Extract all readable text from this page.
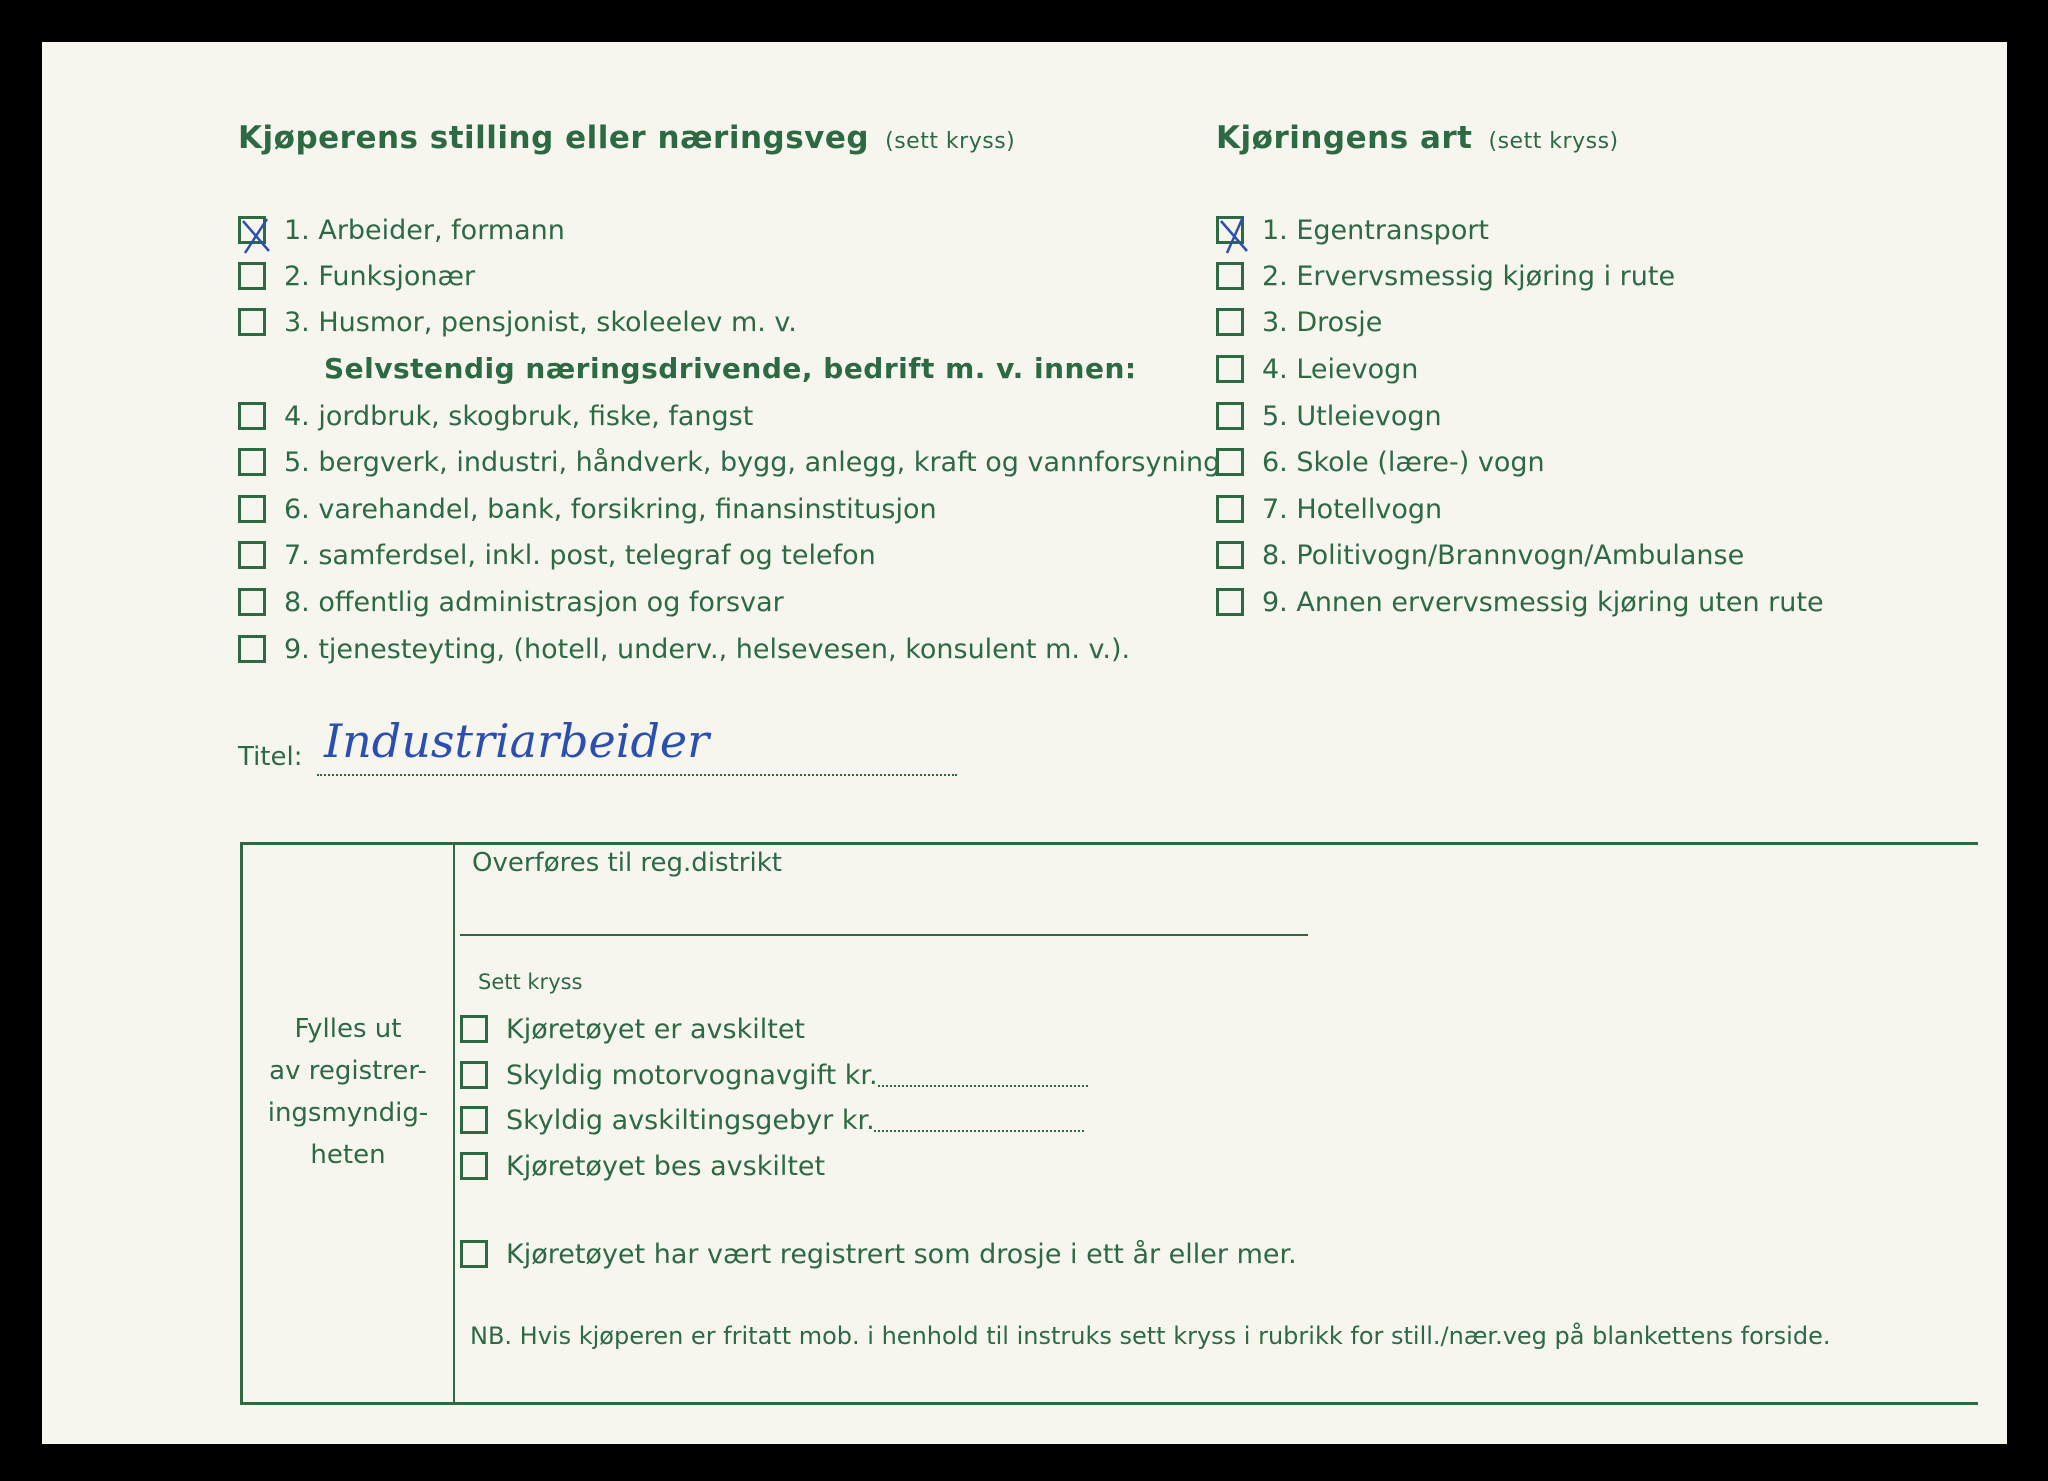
Kjøperens stilling eller næringsveg (sett kryss)
1. Arbeider, formann
2. Funksjonær
3. Husmor, pensjonist, skoleelev m. v.
Selvstendig næringsdrivende, bedrift m. v. innen:
4. jordbruk, skogbruk, fiske, fangst
5. bergverk, industri, håndverk, bygg, anlegg, kraft og vannforsyning
6. varehandel, bank, forsikring, finansinstitusjon
7. samferdsel, inkl. post, telegraf og telefon
8. offentlig administrasjon og forsvar
9. tjenesteyting, (hotell, underv., helsevesen, konsulent m. v.).
Kjøringens art (sett kryss)
1. Egentransport
2. Ervervsmessig kjøring i rute
3. Drosje
4. Leievogn
5. Utleievogn
6. Skole (lære-) vogn
7. Hotellvogn
8. Politivogn/Brannvogn/Ambulanse
9. Annen ervervsmessig kjøring uten rute
Titel: Industriarbeider
Fylles ut
av registrer-
ingsmyndig-
heten
Overføres til reg.distrikt
Sett kryss
Kjøretøyet er avskiltet
Skyldig motorvognavgift kr.
Skyldig avskiltingsgebyr kr.
Kjøretøyet bes avskiltet
Kjøretøyet har vært registrert som drosje i ett år eller mer.
NB. Hvis kjøperen er fritatt mob. i henhold til instruks sett kryss i rubrikk for still./nær.veg på blankettens forside.
